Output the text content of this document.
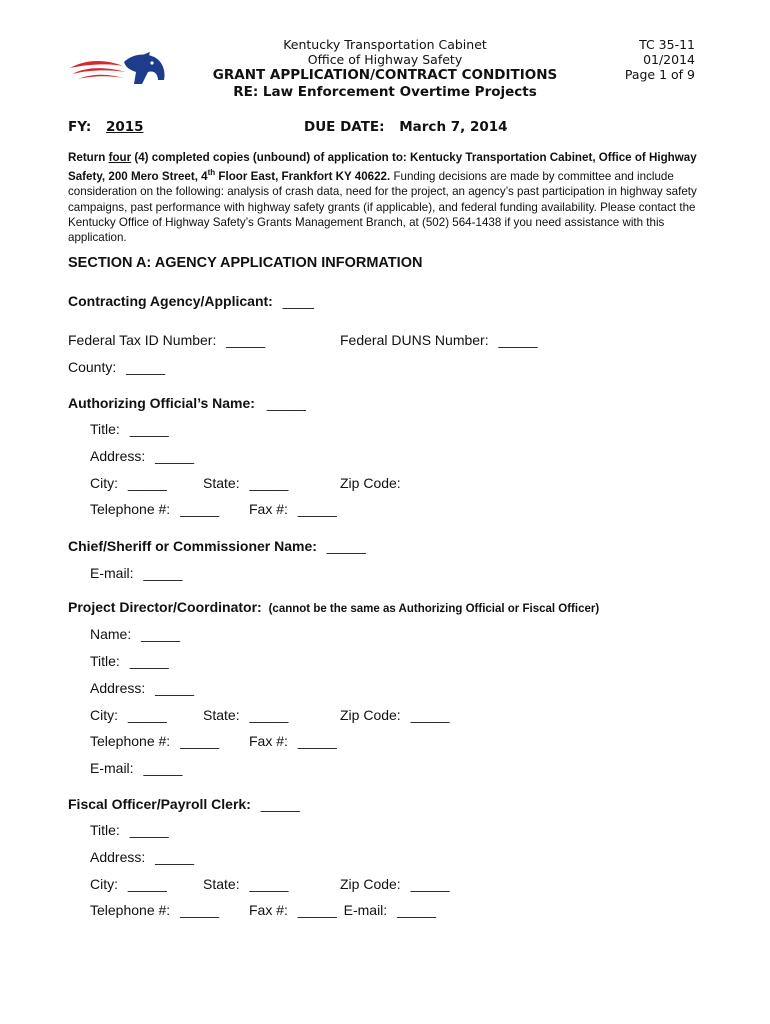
Kentucky Transportation Cabinet
Office of Highway Safety
GRANT APPLICATION/CONTRACT CONDITIONS
RE: Law Enforcement Overtime Projects
TC 35-11
01/2014
Page 1 of 9
FY: 2015	DUE DATE: March 7, 2014
Return four (4) completed copies (unbound) of application to: Kentucky Transportation Cabinet, Office of Highway Safety, 200 Mero Street, 4th Floor East, Frankfort KY 40622. Funding decisions are made by committee and include consideration on the following: analysis of crash data, need for the project, an agency’s past participation in highway safety campaigns, past performance with highway safety grants (if applicable), and federal funding availability. Please contact the Kentucky Office of Highway Safety’s Grants Management Branch, at (502) 564-1438 if you need assistance with this application.
SECTION A: AGENCY APPLICATION INFORMATION
Contracting Agency/Applicant: ____
Federal Tax ID Number: _____	Federal DUNS Number: _____
County: _____
Authorizing Official’s Name: _____
Title: _____
Address: _____
City: _____	State: _____	Zip Code:
Telephone #: _____ Fax #: _____
Chief/Sheriff or Commissioner Name: _____
E-mail: _____
Project Director/Coordinator: (cannot be the same as Authorizing Official or Fiscal Officer)
Name: _____
Title: _____
Address: _____
City: _____	State: _____	Zip Code: _____
Telephone #: _____ Fax #: _____
E-mail: _____
Fiscal Officer/Payroll Clerk: _____
Title: _____
Address: _____
City: _____	State: _____	Zip Code: _____
Telephone #: _____ Fax #: _____ E-mail: _____
